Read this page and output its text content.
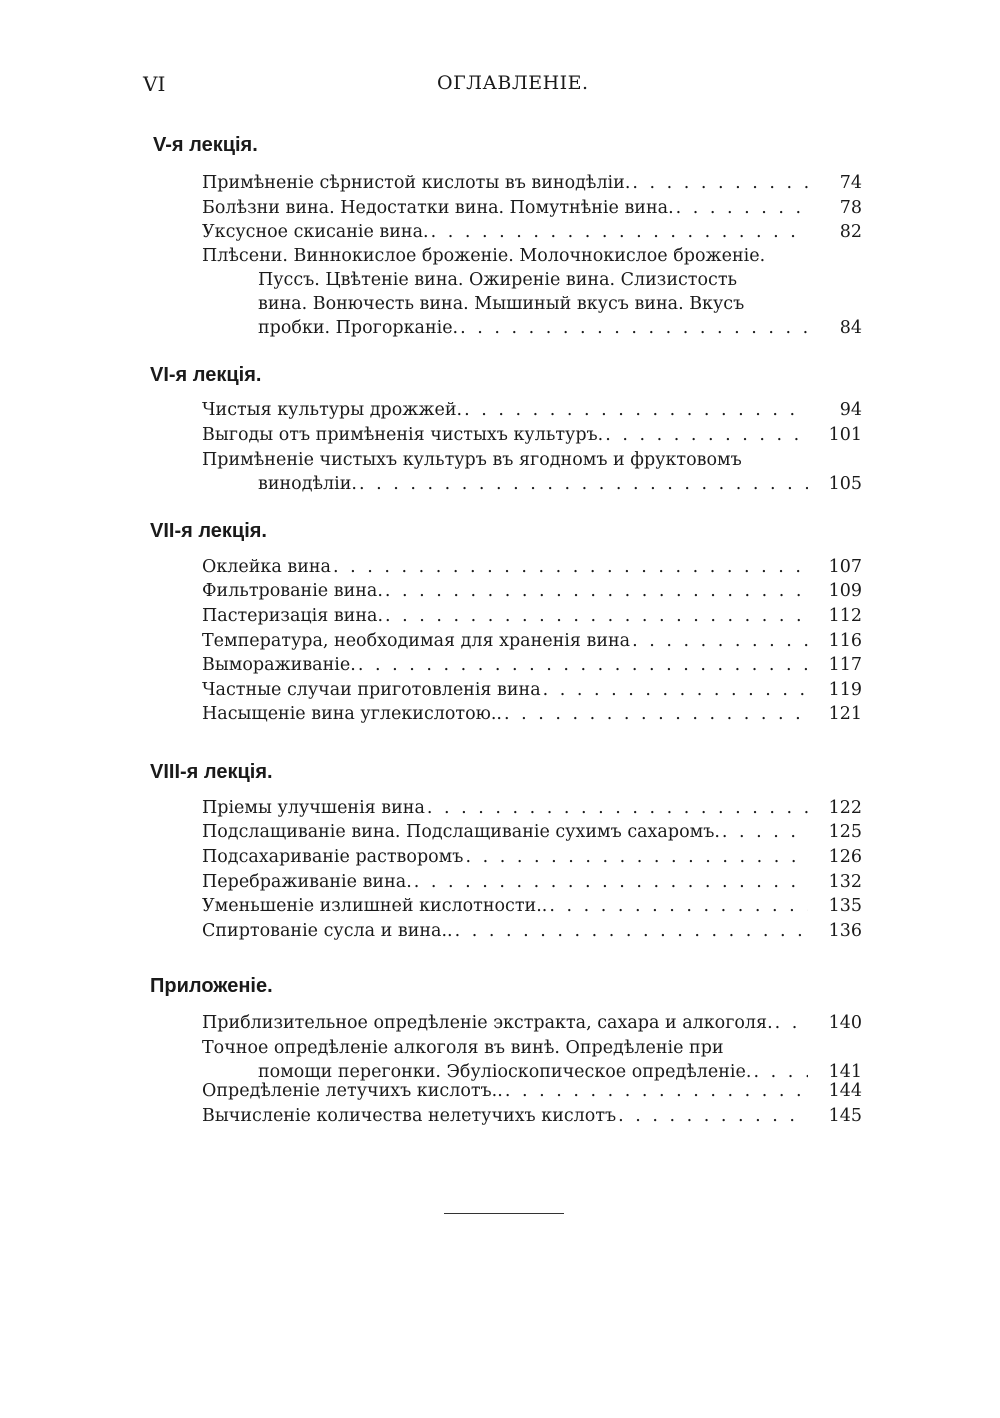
VI	ОГЛАВЛЕНІЕ.
V-я лекція.
Примѣненіе сѣрнистой кислоты въ винодѣліи. . . .	74
Болѣзни вина. Недостатки вина. Помутнѣніе вина. . . .	78
Уксусное скисаніе вина. . . .	82
Плѣсени. Виннокислое броженіе. Молочнокислое броженіе.
Пуссъ. Цвѣтеніе вина. Ожиреніе вина. Слизистость
вина. Вонючесть вина. Мышиный вкусъ вина. Вкусъ
пробки. Прогорканіе. . . .	84
VI-я лекція.
Чистыя культуры дрожжей. . . .	94
Выгоды отъ примѣненія чистыхъ культуръ. . . .	101
Примѣненіе чистыхъ культуръ въ ягодномъ и фруктовомъ
винодѣліи. . . .	105
VII-я лекція.
Оклейка вина . . .	107
Фильтрованіе вина. . . .	109
Пастеризація вина. . . .	112
Температура, необходимая для храненія вина . . .	116
Вымораживаніе. . . .	117
Частные случаи приготовленія вина . . .	119
Насыщеніе вина углекислотою.. . . .	121
VIII-я лекція.
Пріемы улучшенія вина . . .	122
Подслащиваніе вина. Подслащиваніе сухимъ сахаромъ. . . .	125
Подсахариваніе растворомъ . . .	126
Перебраживаніе вина. . . .	132
Уменьшеніе излишней кислотности.. . . .	135
Спиртованіе сусла и вина.. . . .	136
Приложеніе.
Приблизительное опредѣленіе экстракта, сахара и алкоголя. . . .	140
Точное опредѣленіе алкоголя въ винѣ. Опредѣленіе при
помощи перегонки. Эбуліоскопическое опредѣленіе. . . .	141
Опредѣленіе летучихъ кислотъ.. . . .	144
Вычисленіе количества нелетучихъ кислотъ . . .	145
